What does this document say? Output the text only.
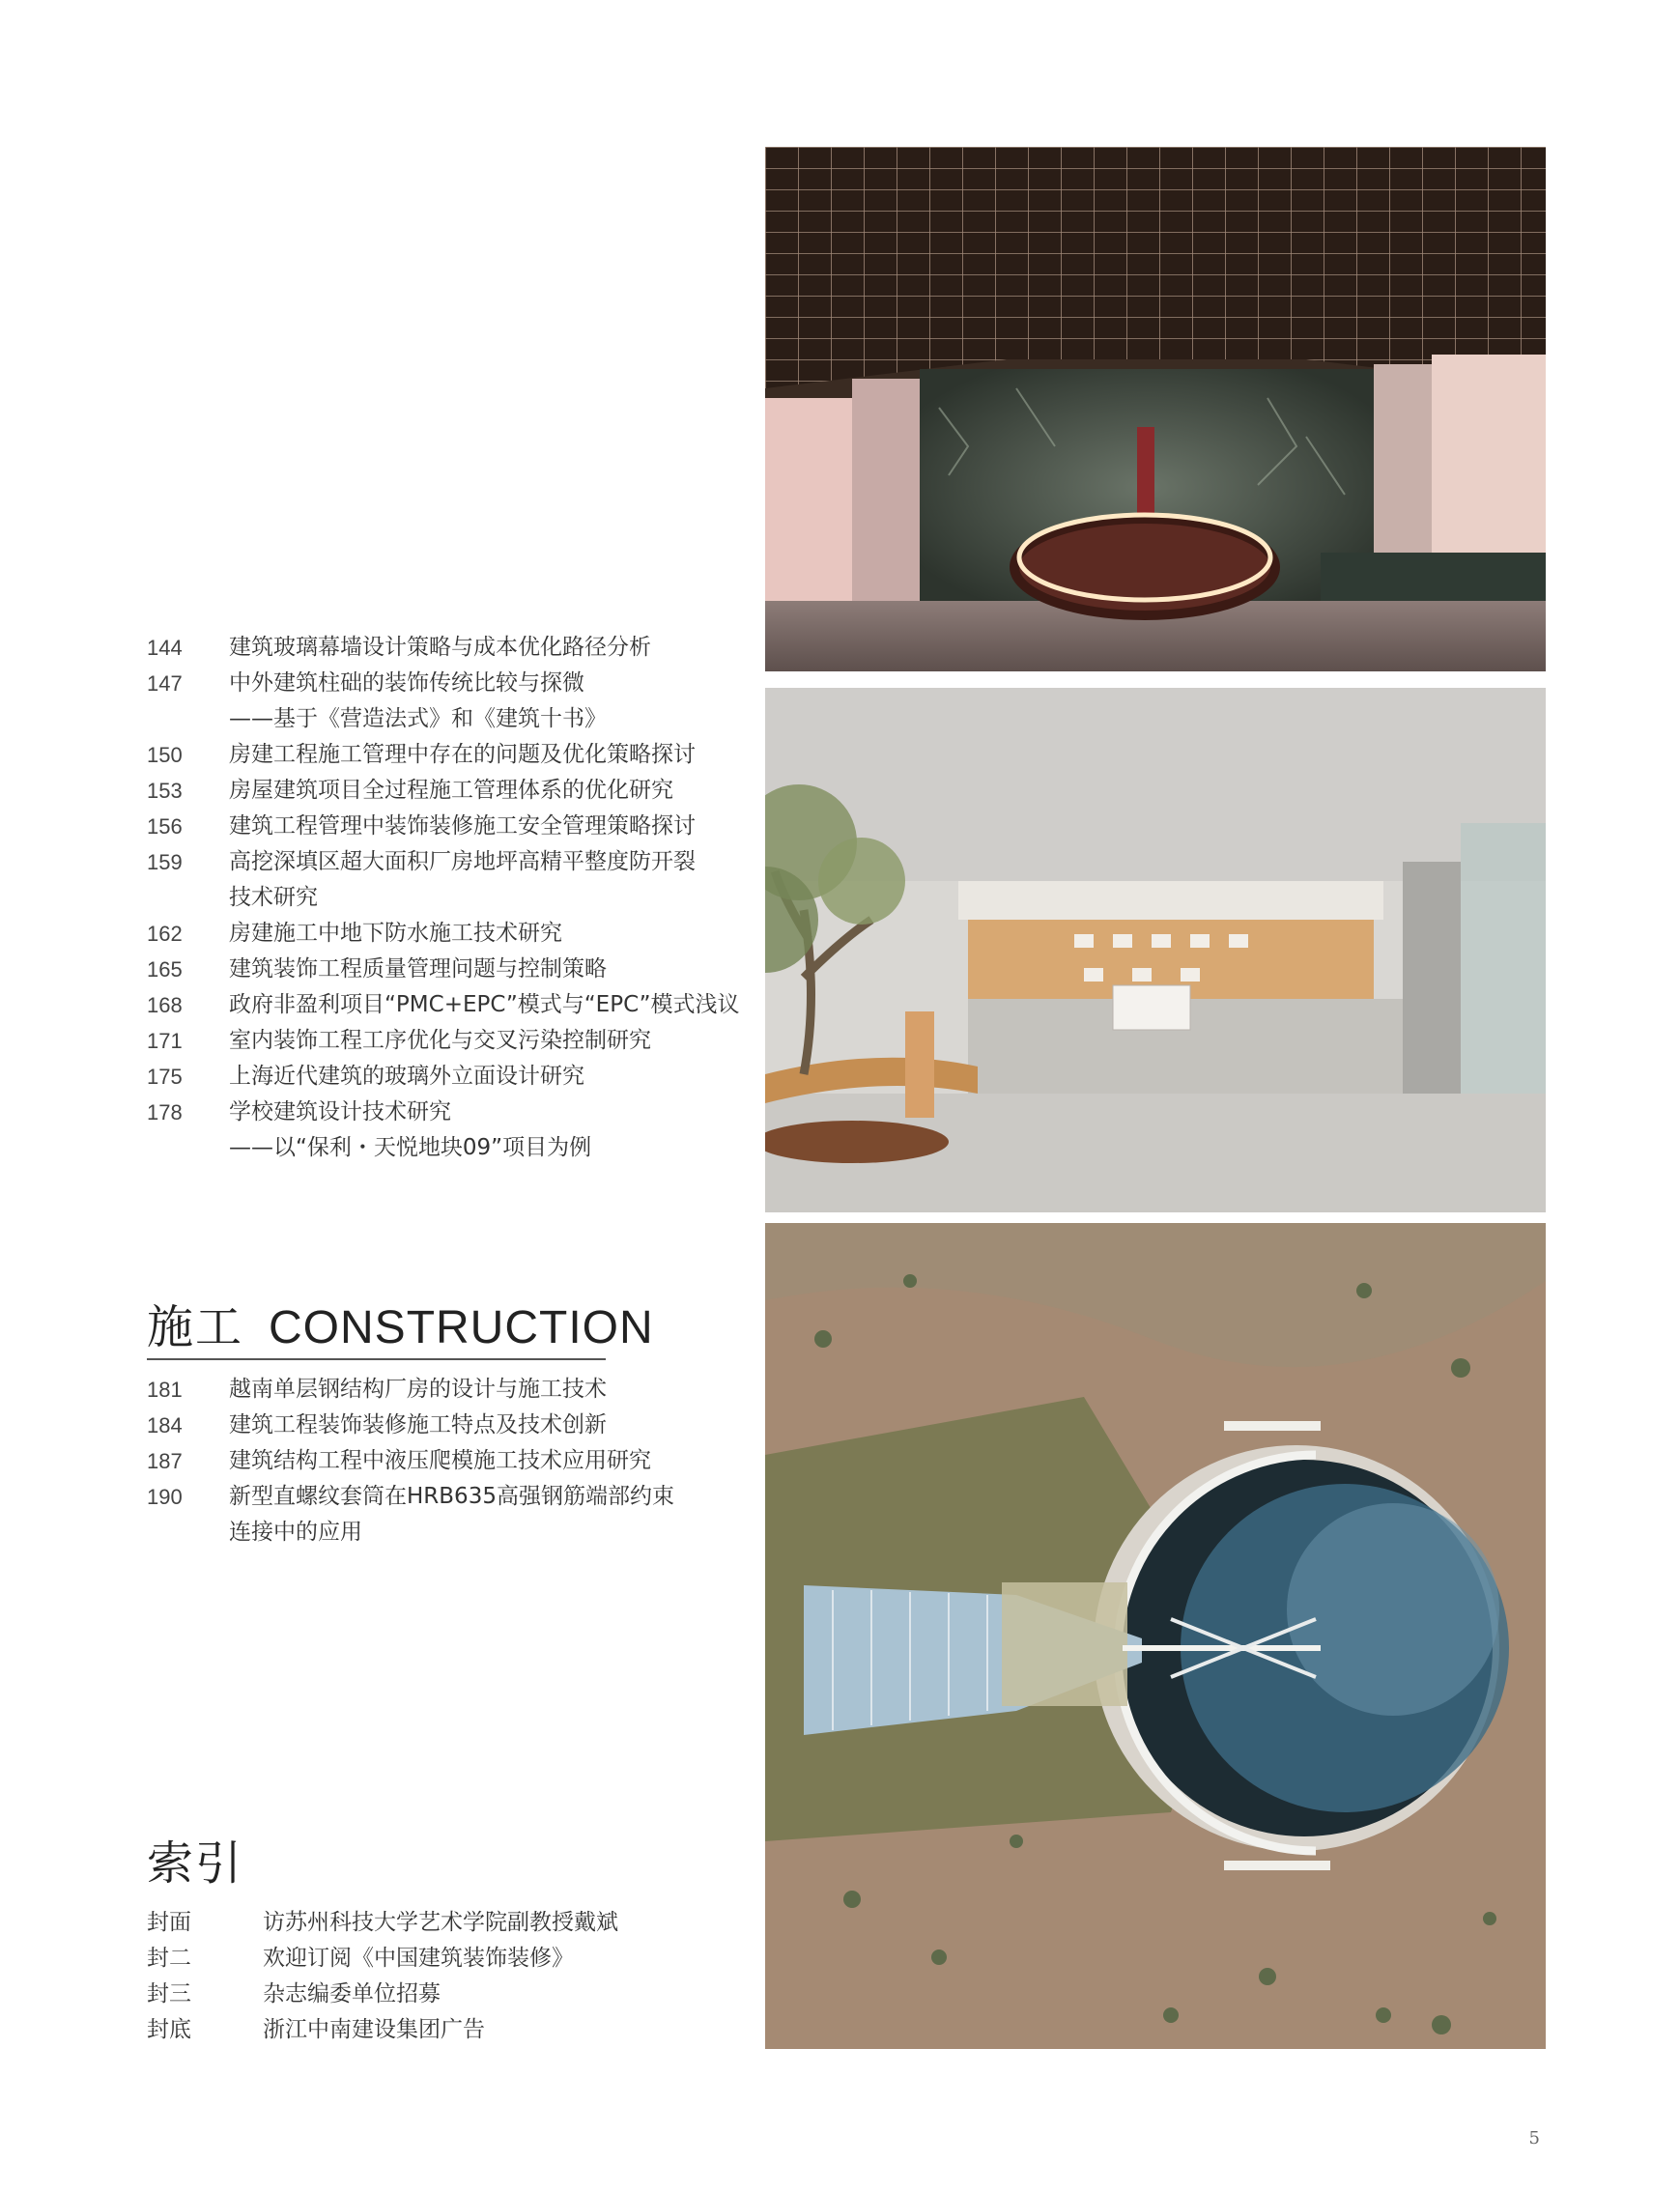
144	建筑玻璃幕墙设计策略与成本优化路径分析
147	中外建筑柱础的装饰传统比较与探微
——基于《营造法式》和《建筑十书》
150	房建工程施工管理中存在的问题及优化策略探讨
153	房屋建筑项目全过程施工管理体系的优化研究
156	建筑工程管理中装饰装修施工安全管理策略探讨
159	高挖深填区超大面积厂房地坪高精平整度防开裂
技术研究
162	房建施工中地下防水施工技术研究
165	建筑装饰工程质量管理问题与控制策略
168	政府非盈利项目“PMC+EPC”模式与“EPC”模式浅议
171	室内装饰工程工序优化与交叉污染控制研究
175	上海近代建筑的玻璃外立面设计研究
178	学校建筑设计技术研究
——以“保利・天悦地块09”项目为例
施工 CONSTRUCTION
181	越南单层钢结构厂房的设计与施工技术
184	建筑工程装饰装修施工特点及技术创新
187	建筑结构工程中液压爬模施工技术应用研究
190	新型直螺纹套筒在HRB635高强钢筋端部约束
连接中的应用
索引
封面	访苏州科技大学艺术学院副教授戴斌
封二	欢迎订阅《中国建筑装饰装修》
封三	杂志编委单位招募
封底	浙江中南建设集团广告
5
